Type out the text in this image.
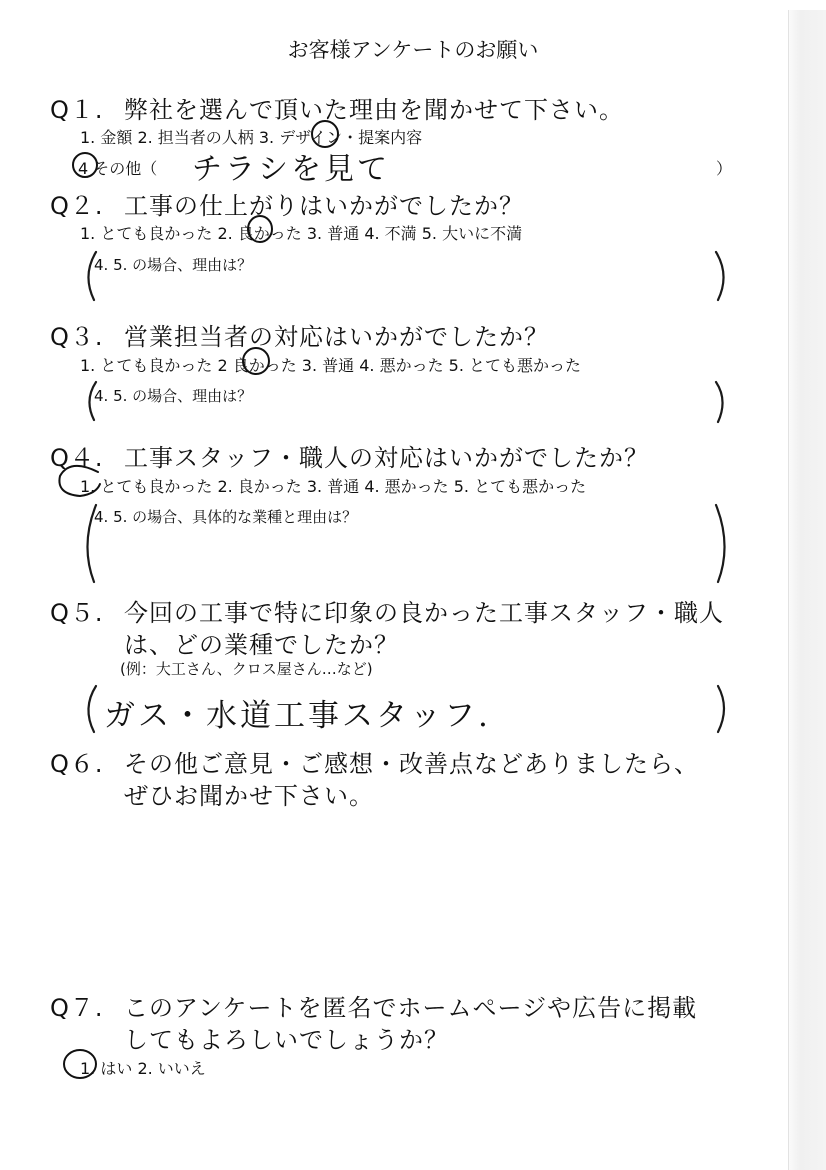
お客様アンケートのお願い
Q１. 弊社を選んで頂いた理由を聞かせて下さい。
1. 金額 2. 担当者の人柄 3. デザイン・提案内容
4 その他（ チラシを見て	）
Q２. 工事の仕上がりはいかがでしたか？
1. とても良かった 2. 良かった 3. 普通 4. 不満 5. 大いに不満
4. 5. の場合、理由は？
Q３. 営業担当者の対応はいかがでしたか？
1. とても良かった 2 良かった 3. 普通 4. 悪かった 5. とても悪かった
4. 5. の場合、理由は？
Q４. 工事スタッフ・職人の対応はいかがでしたか？
1. とても良かった 2. 良かった 3. 普通 4. 悪かった 5. とても悪かった
4. 5. の場合、具体的な業種と理由は？
Q５. 今回の工事で特に印象の良かった工事スタッフ・職人
は、どの業種でしたか？
(例：大工さん、クロス屋さん…など)
ガス・水道工事スタッフ.
Q６. その他ご意見・ご感想・改善点などありましたら、
ぜひお聞かせ下さい。
Q７. このアンケートを匿名でホームページや広告に掲載
してもよろしいでしょうか？
1. はい 2. いいえ
